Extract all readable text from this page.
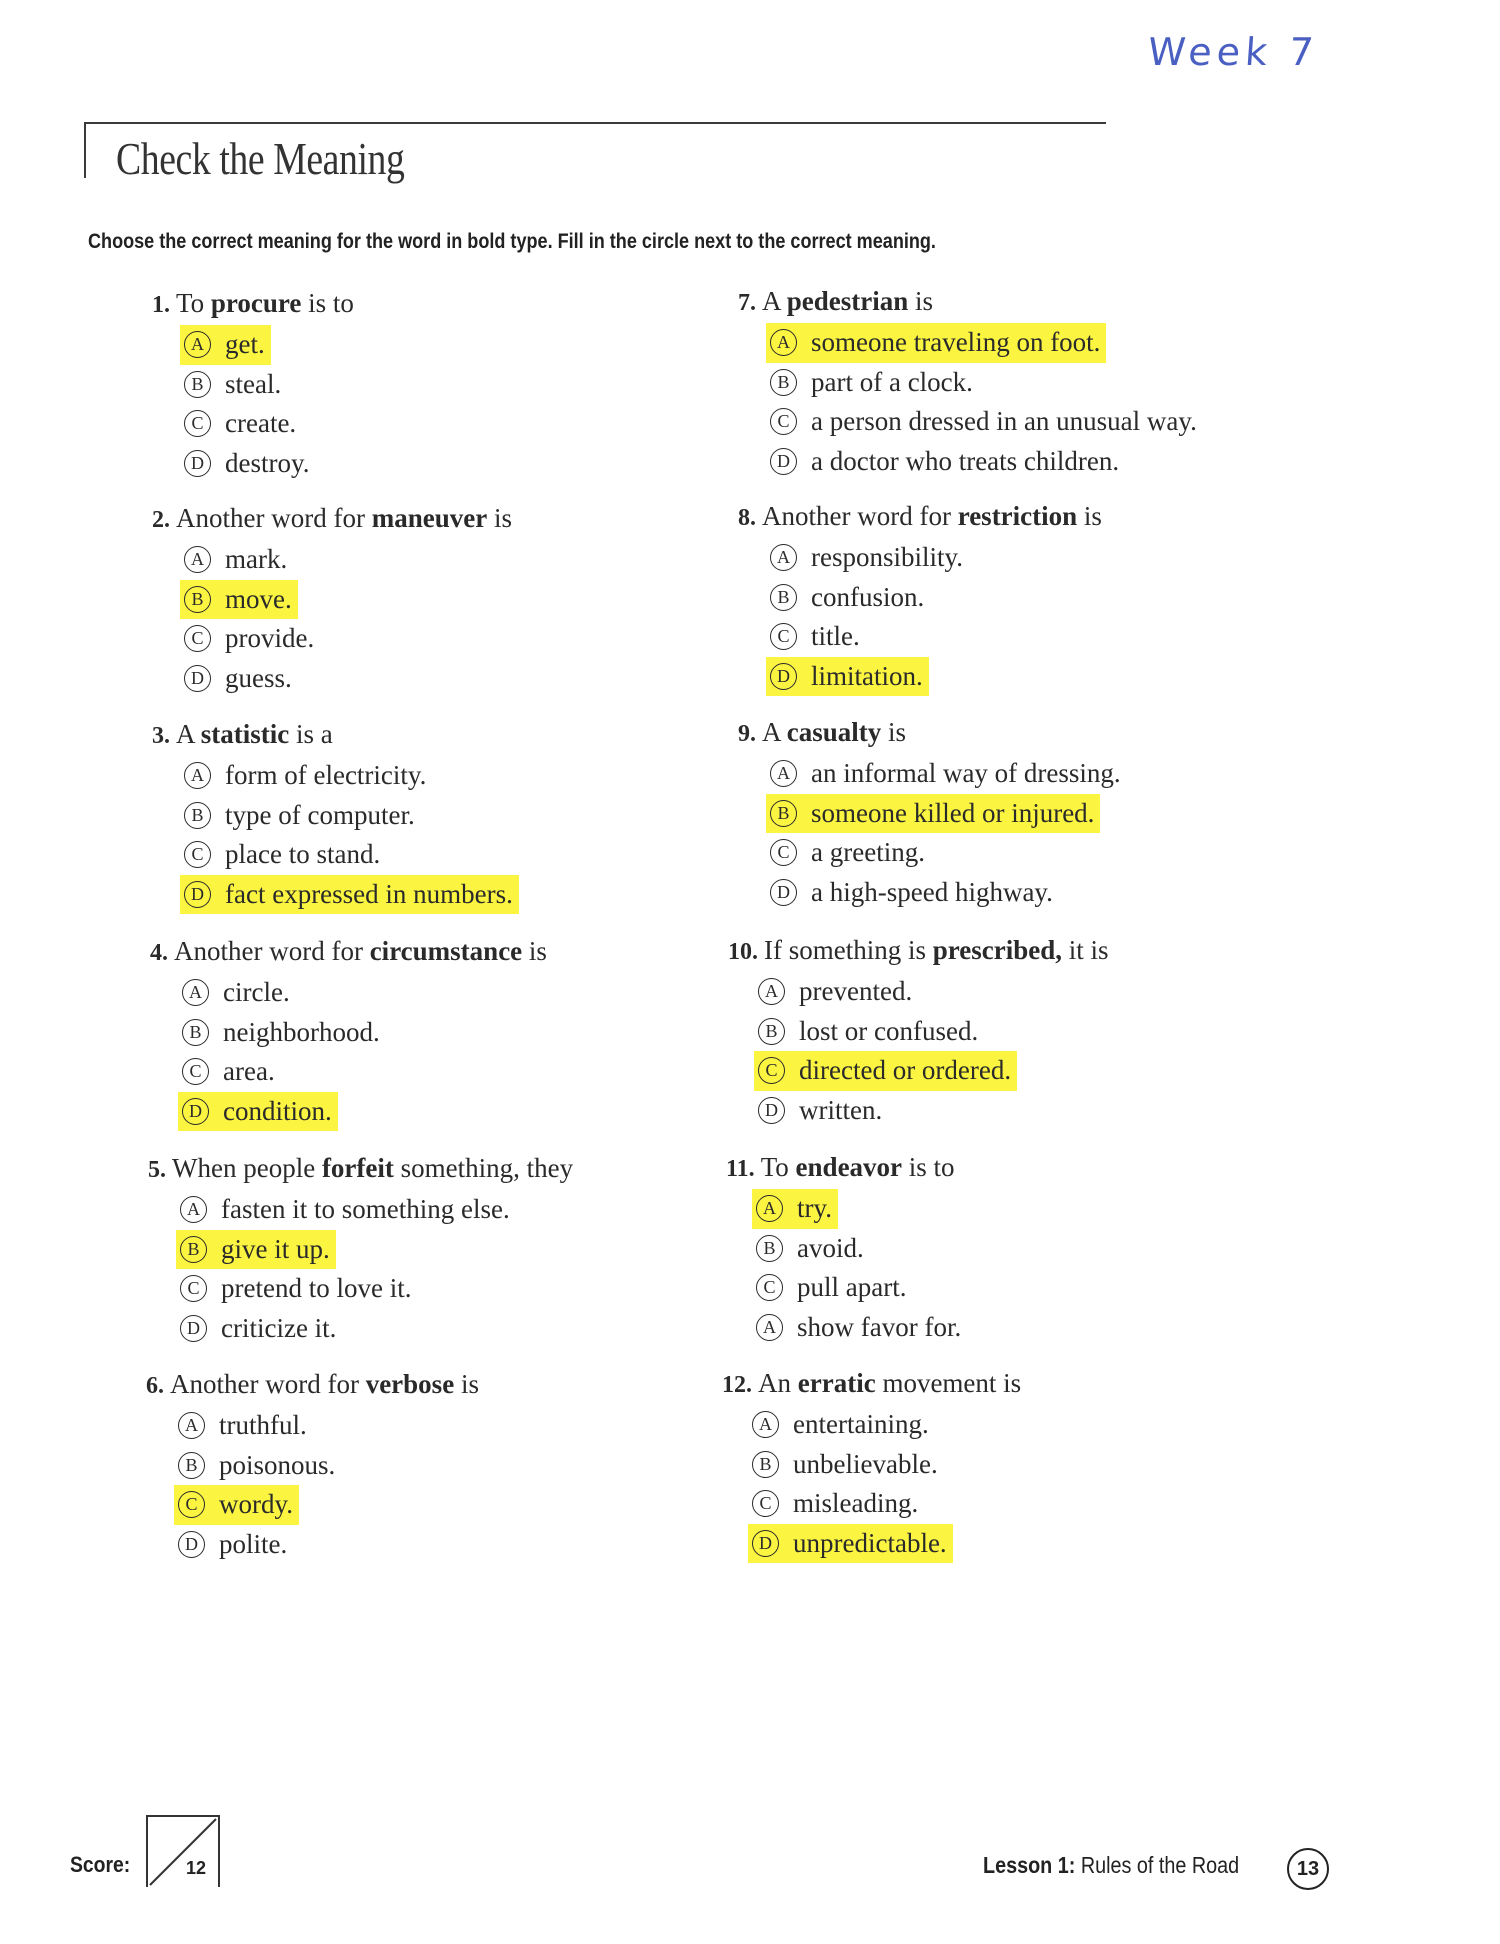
Week 7
Check the Meaning
Choose the correct meaning for the word in bold type. Fill in the circle next to the correct meaning.
1. To procure is to
A get.
B steal.
C create.
D destroy.
2. Another word for maneuver is
A mark.
B move.
C provide.
D guess.
3. A statistic is a
A form of electricity.
B type of computer.
C place to stand.
D fact expressed in numbers.
4. Another word for circumstance is
A circle.
B neighborhood.
C area.
D condition.
5. When people forfeit something, they
A fasten it to something else.
B give it up.
C pretend to love it.
D criticize it.
6. Another word for verbose is
A truthful.
B poisonous.
C wordy.
D polite.
7. A pedestrian is
A someone traveling on foot.
B part of a clock.
C a person dressed in an unusual way.
D a doctor who treats children.
8. Another word for restriction is
A responsibility.
B confusion.
C title.
D limitation.
9. A casualty is
A an informal way of dressing.
B someone killed or injured.
C a greeting.
D a high-speed highway.
10. If something is prescribed, it is
A prevented.
B lost or confused.
C directed or ordered.
D written.
11. To endeavor is to
A try.
B avoid.
C pull apart.
A show favor for.
12. An erratic movement is
A entertaining.
B unbelievable.
C misleading.
D unpredictable.
Score:	12	Lesson 1: Rules of the Road	13
